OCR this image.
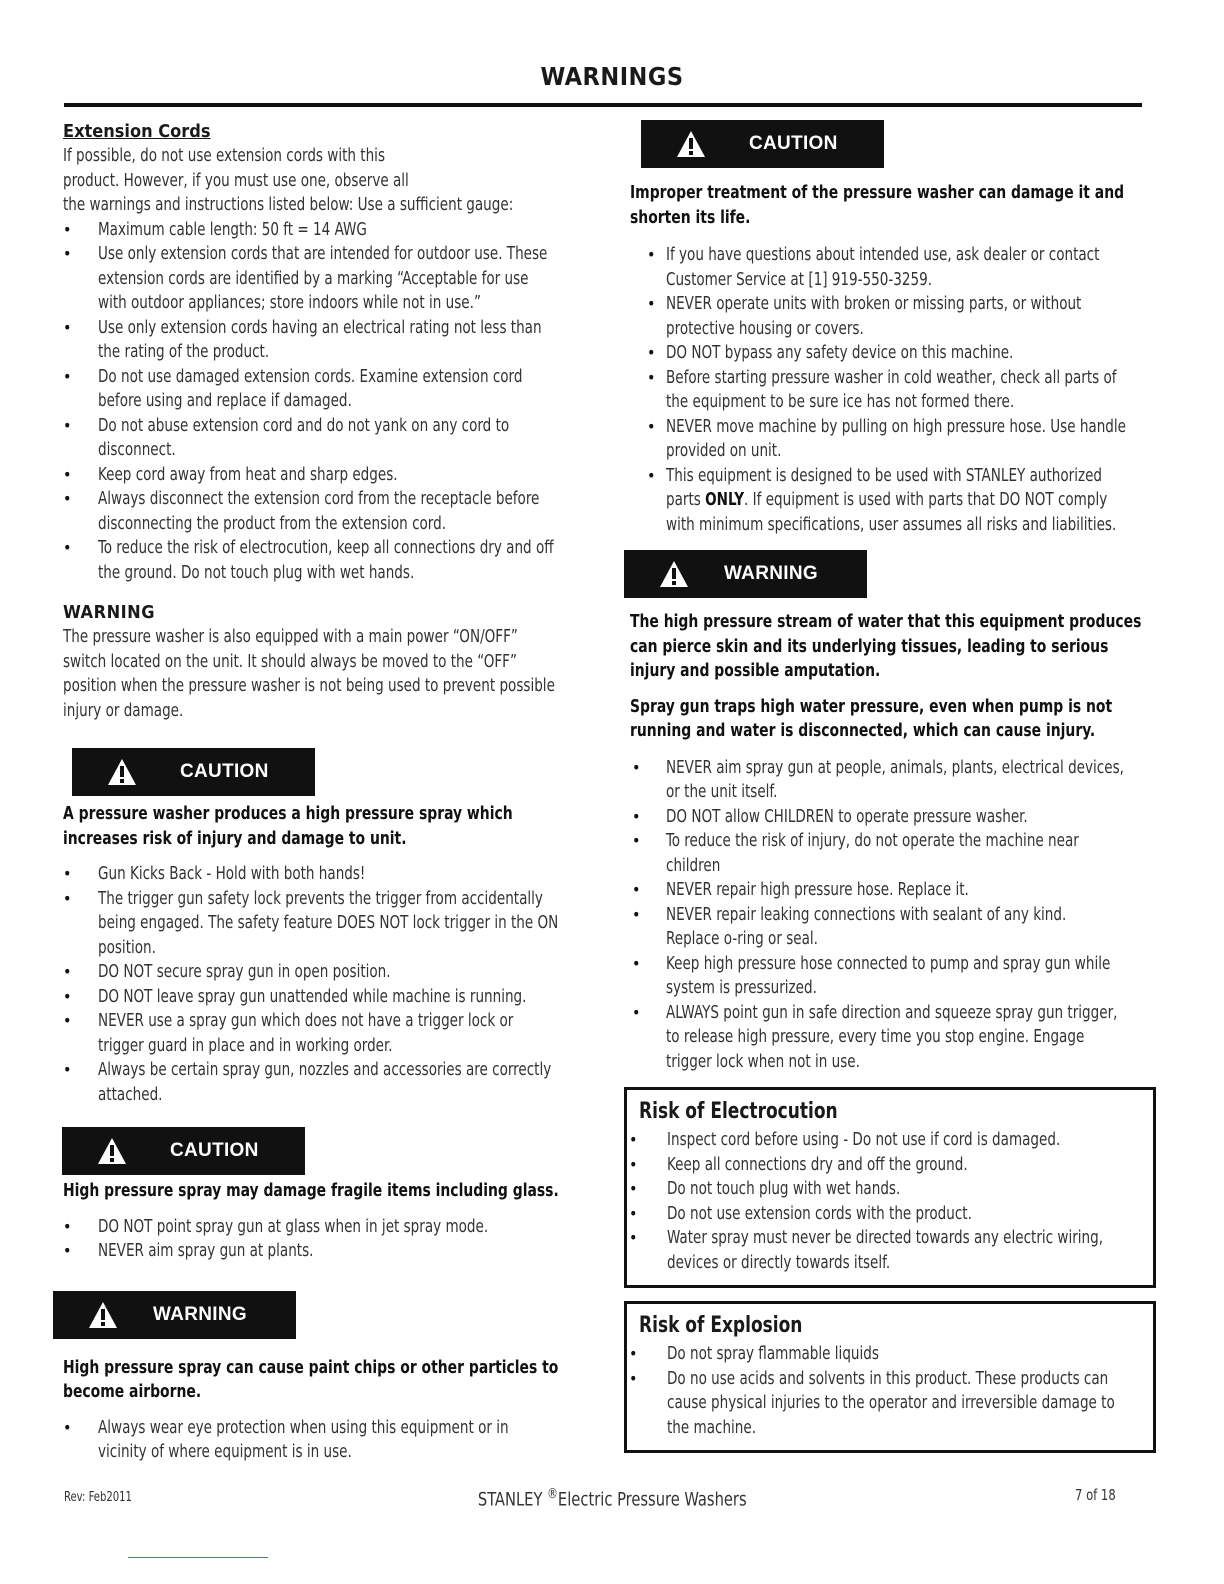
WARNINGS
Extension Cords
If possible, do not use extension cords with this
product. However, if you must use one, observe all
the warnings and instructions listed below: Use a sufficient gauge:
• Maximum cable length: 50 ft = 14 AWG
• Use only extension cords that are intended for outdoor use. These
extension cords are identified by a marking “Acceptable for use
with outdoor appliances; store indoors while not in use.”
• Use only extension cords having an electrical rating not less than
the rating of the product.
• Do not use damaged extension cords. Examine extension cord
before using and replace if damaged.
• Do not abuse extension cord and do not yank on any cord to
disconnect.
• Keep cord away from heat and sharp edges.
• Always disconnect the extension cord from the receptacle before
disconnecting the product from the extension cord.
• To reduce the risk of electrocution, keep all connections dry and off
the ground. Do not touch plug with wet hands.
WARNING
The pressure washer is also equipped with a main power “ON/OFF”
switch located on the unit. It should always be moved to the “OFF”
position when the pressure washer is not being used to prevent possible
injury or damage.
CAUTION
A pressure washer produces a high pressure spray which
increases risk of injury and damage to unit.
• Gun Kicks Back - Hold with both hands!
• The trigger gun safety lock prevents the trigger from accidentally
being engaged. The safety feature DOES NOT lock trigger in the ON
position.
• DO NOT secure spray gun in open position.
• DO NOT leave spray gun unattended while machine is running.
• NEVER use a spray gun which does not have a trigger lock or
trigger guard in place and in working order.
• Always be certain spray gun, nozzles and accessories are correctly
attached.
CAUTION
High pressure spray may damage fragile items including glass.
• DO NOT point spray gun at glass when in jet spray mode.
• NEVER aim spray gun at plants.
WARNING
High pressure spray can cause paint chips or other particles to
become airborne.
• Always wear eye protection when using this equipment or in
vicinity of where equipment is in use.
CAUTION
Improper treatment of the pressure washer can damage it and
shorten its life.
• If you have questions about intended use, ask dealer or contact
Customer Service at [1] 919-550-3259.
• NEVER operate units with broken or missing parts, or without
protective housing or covers.
• DO NOT bypass any safety device on this machine.
• Before starting pressure washer in cold weather, check all parts of
the equipment to be sure ice has not formed there.
• NEVER move machine by pulling on high pressure hose. Use handle
provided on unit.
• This equipment is designed to be used with STANLEY authorized
parts ONLY. If equipment is used with parts that DO NOT comply
with minimum specifications, user assumes all risks and liabilities.
WARNING
The high pressure stream of water that this equipment produces
can pierce skin and its underlying tissues, leading to serious
injury and possible amputation.
Spray gun traps high water pressure, even when pump is not
running and water is disconnected, which can cause injury.
• NEVER aim spray gun at people, animals, plants, electrical devices,
or the unit itself.
• DO NOT allow CHILDREN to operate pressure washer.
• To reduce the risk of injury, do not operate the machine near
children
• NEVER repair high pressure hose. Replace it.
• NEVER repair leaking connections with sealant of any kind.
Replace o-ring or seal.
• Keep high pressure hose connected to pump and spray gun while
system is pressurized.
• ALWAYS point gun in safe direction and squeeze spray gun trigger,
to release high pressure, every time you stop engine. Engage
trigger lock when not in use.
Risk of Electrocution
• Inspect cord before using - Do not use if cord is damaged.
• Keep all connections dry and off the ground.
• Do not touch plug with wet hands.
• Do not use extension cords with the product.
• Water spray must never be directed towards any electric wiring,
devices or directly towards itself.
Risk of Explosion
• Do not spray flammable liquids
• Do no use acids and solvents in this product. These products can
cause physical injuries to the operator and irreversible damage to
the machine.
Rev: Feb2011	STANLEY ®Electric Pressure Washers	7 of 18
